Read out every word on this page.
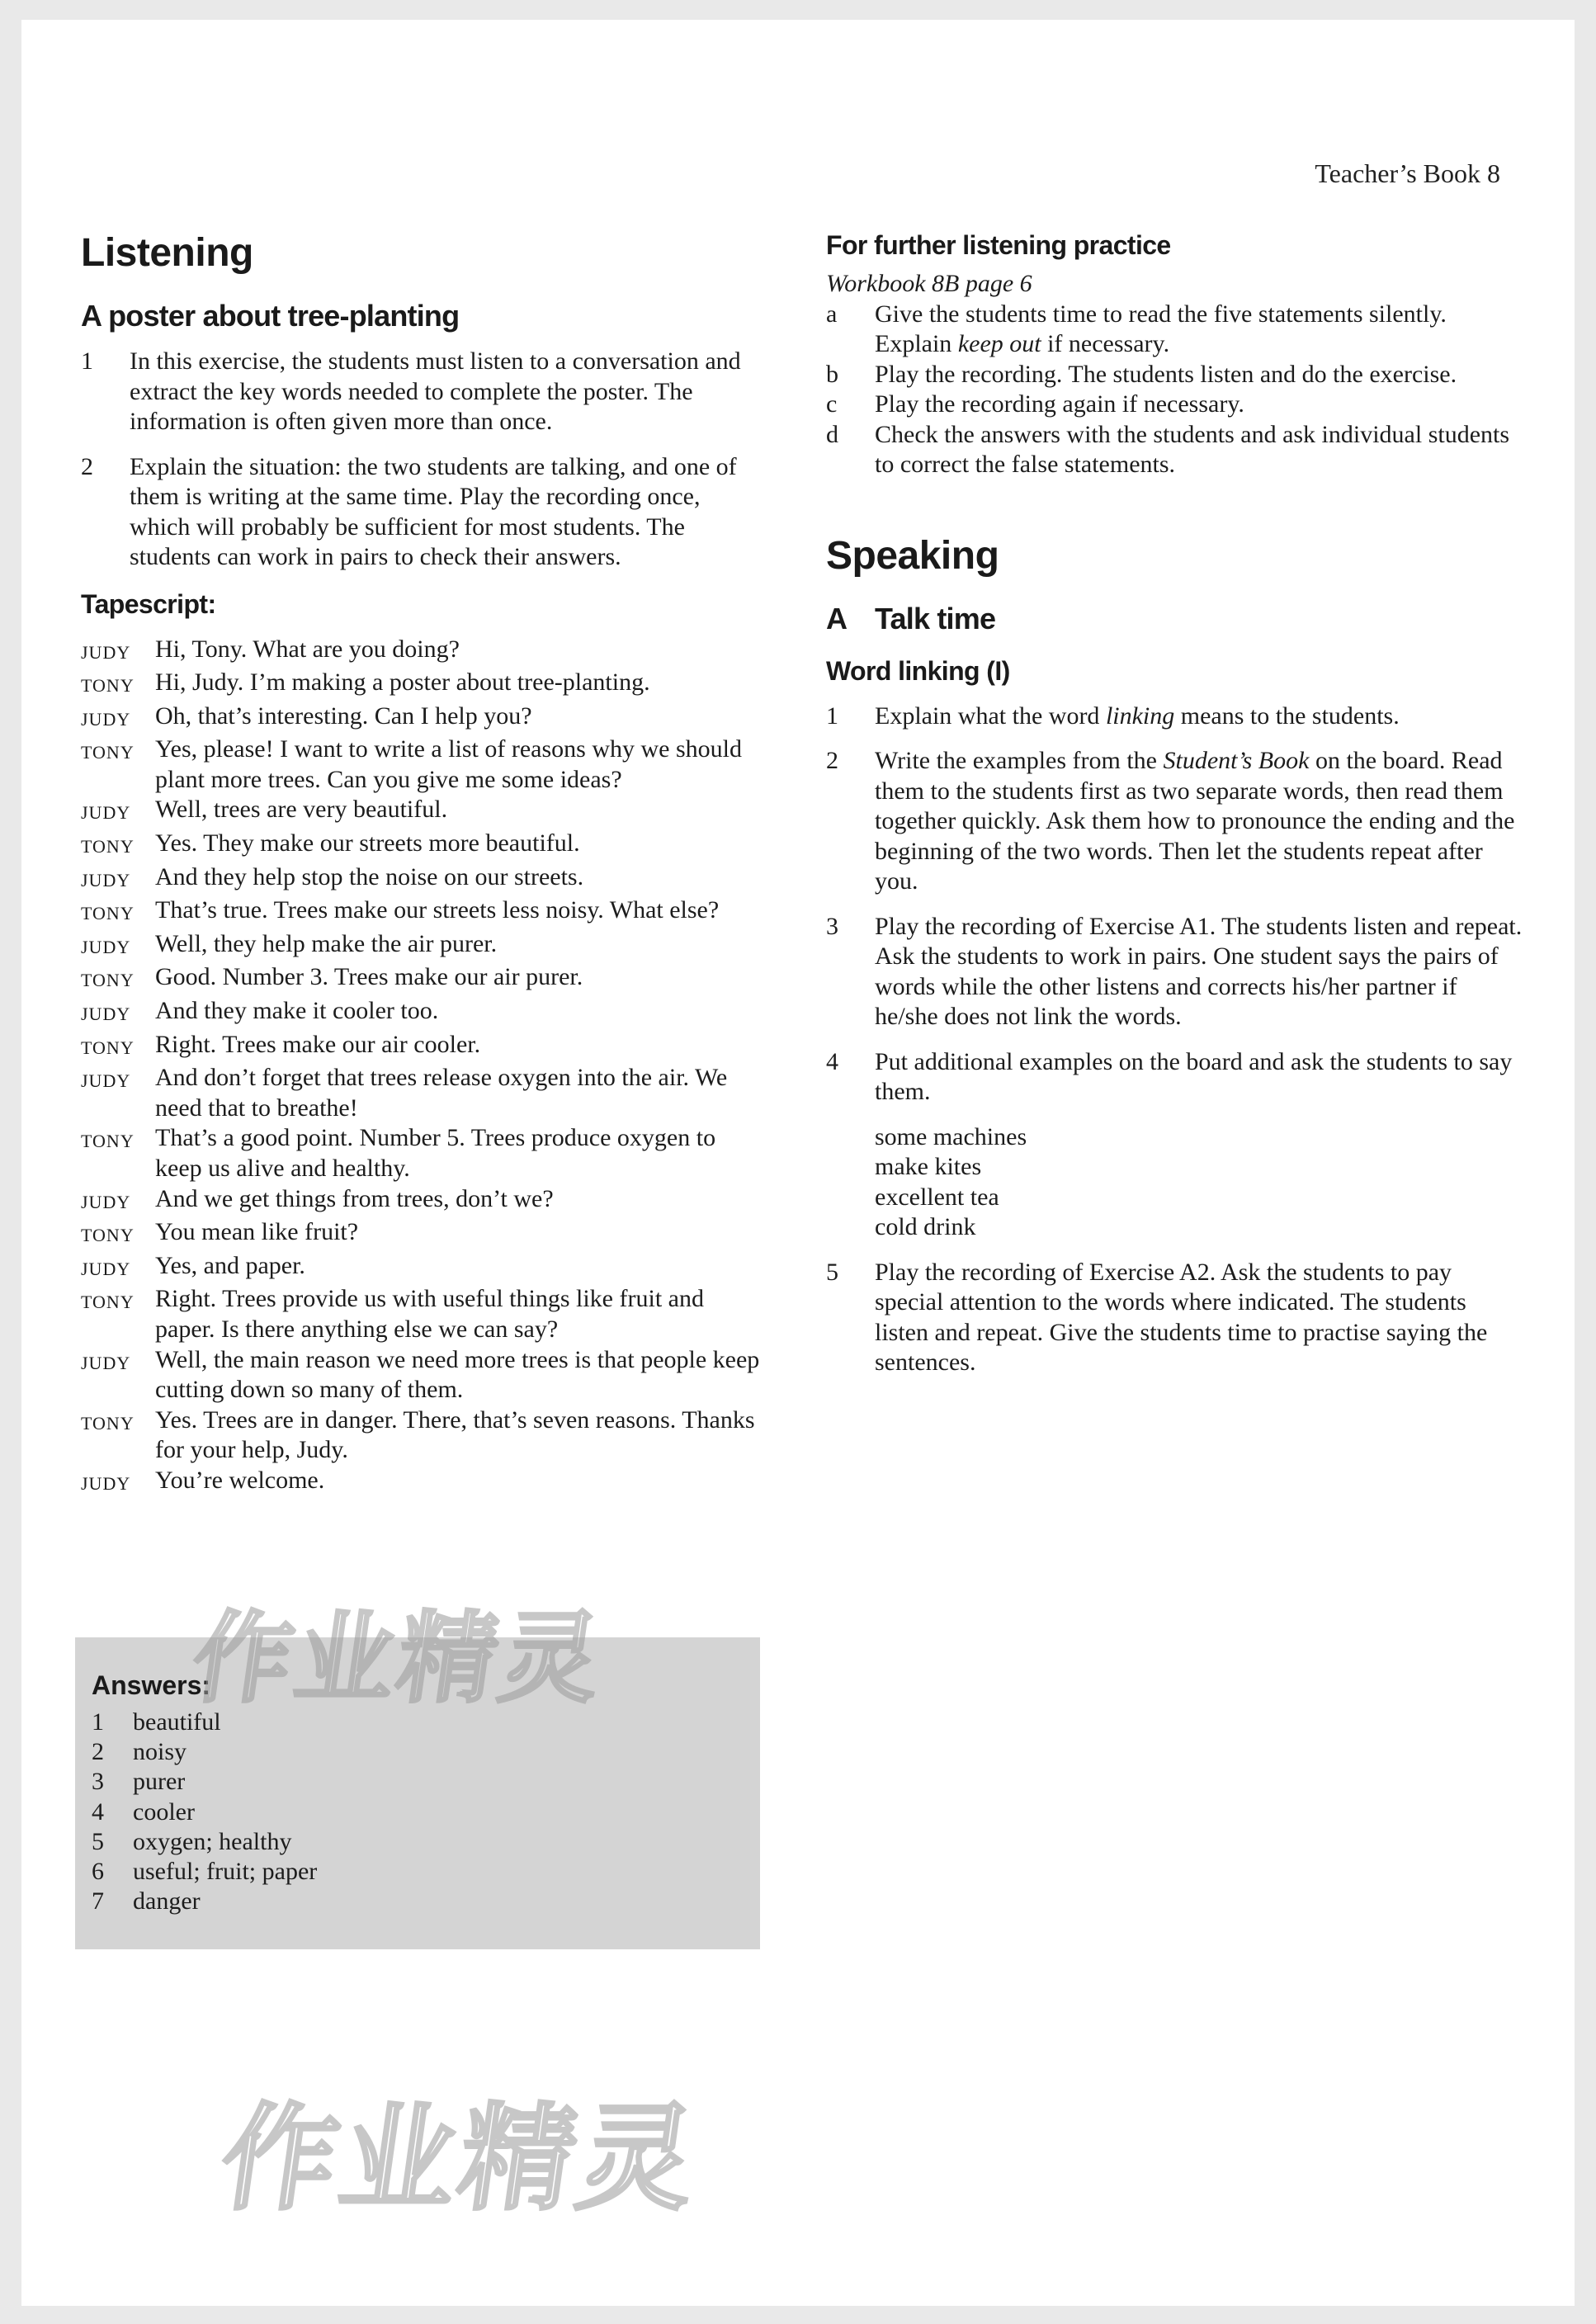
Teacher’s Book 8
Listening
A poster about tree-planting
1	In this exercise, the students must listen to a conversation and extract the key words needed to complete the poster. The information is often given more than once.
2	Explain the situation: the two students are talking, and one of them is writing at the same time. Play the recording once, which will probably be sufficient for most students. The students can work in pairs to check their answers.
Tapescript:
JUDY Hi, Tony. What are you doing?
TONY Hi, Judy. I’m making a poster about tree-planting.
JUDY Oh, that’s interesting. Can I help you?
TONY Yes, please! I want to write a list of reasons why we should plant more trees. Can you give me some ideas?
JUDY Well, trees are very beautiful.
TONY Yes. They make our streets more beautiful.
JUDY And they help stop the noise on our streets.
TONY That’s true. Trees make our streets less noisy. What else?
JUDY Well, they help make the air purer.
TONY Good. Number 3. Trees make our air purer.
JUDY And they make it cooler too.
TONY Right. Trees make our air cooler.
JUDY And don’t forget that trees release oxygen into the air. We need that to breathe!
TONY That’s a good point. Number 5. Trees produce oxygen to keep us alive and healthy.
JUDY And we get things from trees, don’t we?
TONY You mean like fruit?
JUDY Yes, and paper.
TONY Right. Trees provide us with useful things like fruit and paper. Is there anything else we can say?
JUDY Well, the main reason we need more trees is that people keep cutting down so many of them.
TONY Yes. Trees are in danger. There, that’s seven reasons. Thanks for your help, Judy.
JUDY You’re welcome.
Answers:
1	beautiful
2	noisy
3	purer
4	cooler
5	oxygen; healthy
6	useful; fruit; paper
7	danger
For further listening practice
Workbook 8B page 6
a	Give the students time to read the five statements silently. Explain keep out if necessary.
b	Play the recording. The students listen and do the exercise.
c	Play the recording again if necessary.
d	Check the answers with the students and ask individual students to correct the false statements.
Speaking
A Talk time
Word linking (I)
1	Explain what the word linking means to the students.
2	Write the examples from the Student’s Book on the board. Read them to the students first as two separate words, then read them together quickly. Ask them how to pronounce the ending and the beginning of the two words. Then let the students repeat after you.
3	Play the recording of Exercise A1. The students listen and repeat. Ask the students to work in pairs. One student says the pairs of words while the other listens and corrects his/her partner if he/she does not link the words.
4	Put additional examples on the board and ask the students to say them.
some machines
make kites
excellent tea
cold drink
5	Play the recording of Exercise A2. Ask the students to pay special attention to the words where indicated. The students listen and repeat. Give the students time to practise saying the sentences.
作业精灵
作业精灵
